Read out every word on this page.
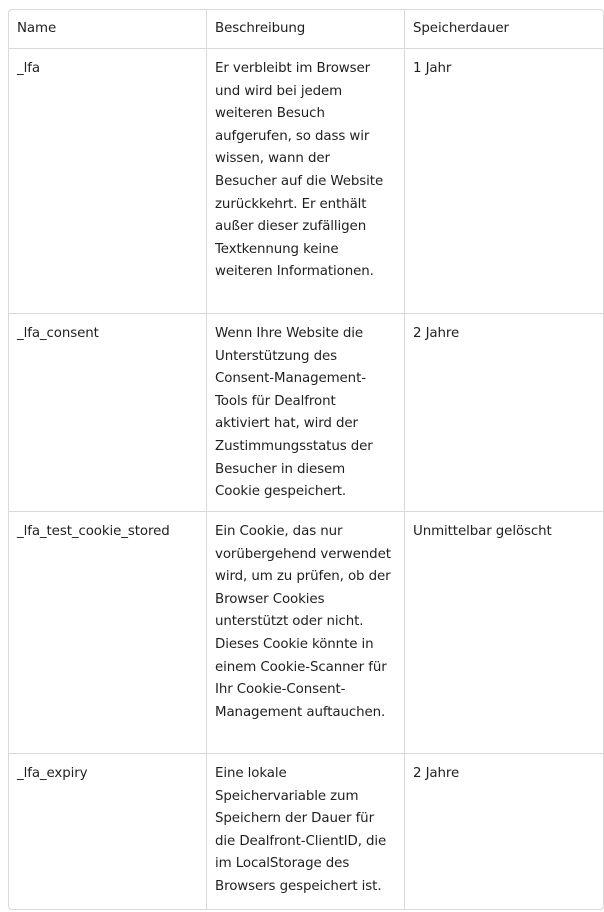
Name	Beschreibung	Speicherdauer
_lfa	Er verbleibt im Browser und wird bei jedem weiteren Besuch aufgerufen, so dass wir wissen, wann der Besucher auf die Website zurückkehrt. Er enthält außer dieser zufälligen Textkennung keine weiteren Informationen.	1 Jahr
_lfa_consent	Wenn Ihre Website die Unterstützung des Consent-Management-Tools für Dealfront aktiviert hat, wird der Zustimmungsstatus der Besucher in diesem Cookie gespeichert.	2 Jahre
_lfa_test_cookie_stored	Ein Cookie, das nur vorübergehend verwendet wird, um zu prüfen, ob der Browser Cookies unterstützt oder nicht. Dieses Cookie könnte in einem Cookie-Scanner für Ihr Cookie-Consent-Management auftauchen.	Unmittelbar gelöscht
_lfa_expiry	Eine lokale Speichervariable zum Speichern der Dauer für die Dealfront-ClientID, die im LocalStorage des Browsers gespeichert ist.	2 Jahre
